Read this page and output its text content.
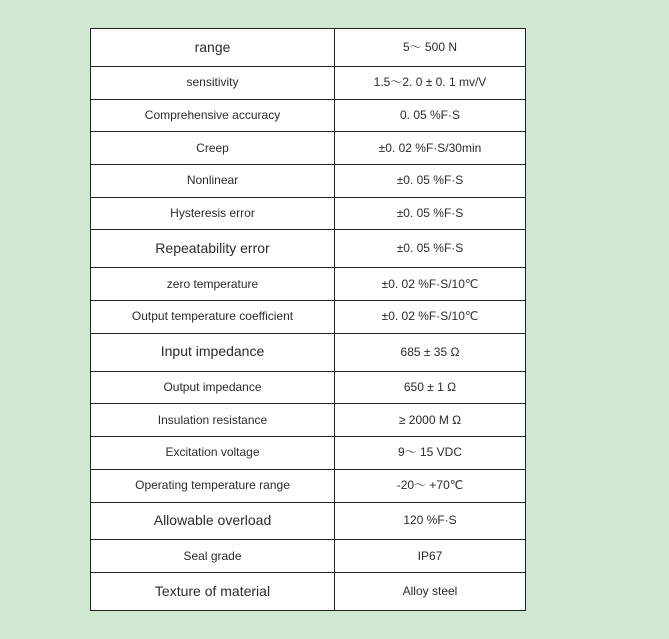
range	5～ 500 N
sensitivity	1.5～2. 0 ± 0. 1 mv/V
Comprehensive accuracy	0. 05 %F·S
Creep	±0. 02 %F·S/30min
Nonlinear	±0. 05 %F·S
Hysteresis error	±0. 05 %F·S
Repeatability error	±0. 05 %F·S
zero temperature	±0. 02 %F·S/10℃
Output temperature coefficient	±0. 02 %F·S/10℃
Input impedance	685 ± 35 Ω
Output impedance	650 ± 1 Ω
Insulation resistance	≥ 2000 M Ω
Excitation voltage	9～ 15 VDC
Operating temperature range	-20～ +70℃
Allowable overload	120 %F·S
Seal grade	IP67
Texture of material	Alloy steel
